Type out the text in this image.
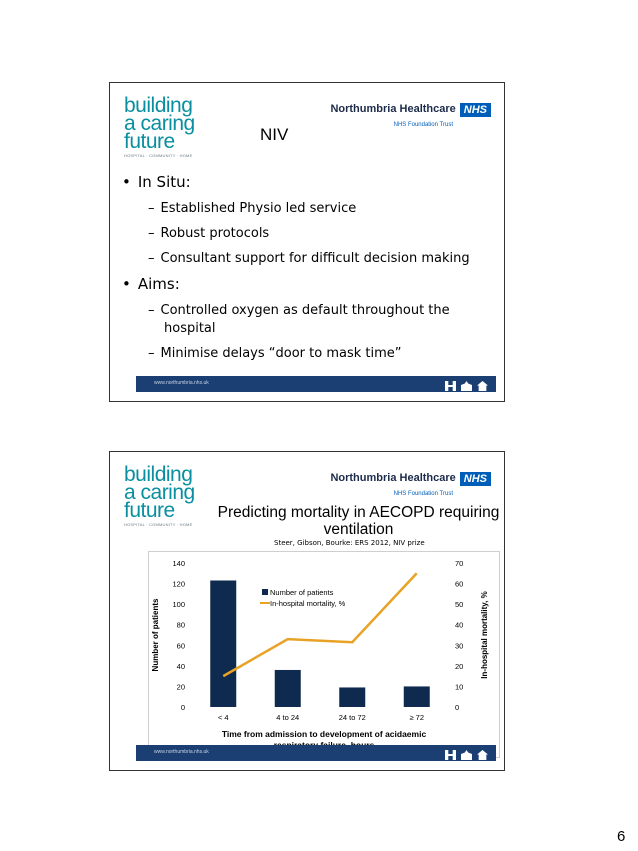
building
a caring
future
HOSPITAL · COMMUNITY · HOME
Northumbria Healthcare NHS
NHS Foundation Trust
NIV
• In Situ:
– Established Physio led service
– Robust protocols
– Consultant support for difficult decision making
• Aims:
– Controlled oxygen as default throughout the hospital
– Minimise delays “door to mask time”
www.northumbria.nhs.uk
building
a caring
future
HOSPITAL · COMMUNITY · HOME
Northumbria Healthcare NHS
NHS Foundation Trust
Predicting mortality in AECOPD requiring ventilation
Steer, Gibson, Bourke: ERS 2012, NIV prize
0
20
40
60
80
100
120
140
0
10
20
30
40
50
60
70
< 4	4 to 24	24 to 72	≥ 72
Number of patients	In-hospital mortality, %
Time from admission to development of acidaemic
Number of patients
In-hospital mortality, %
www.northumbria.nhs.uk
6
